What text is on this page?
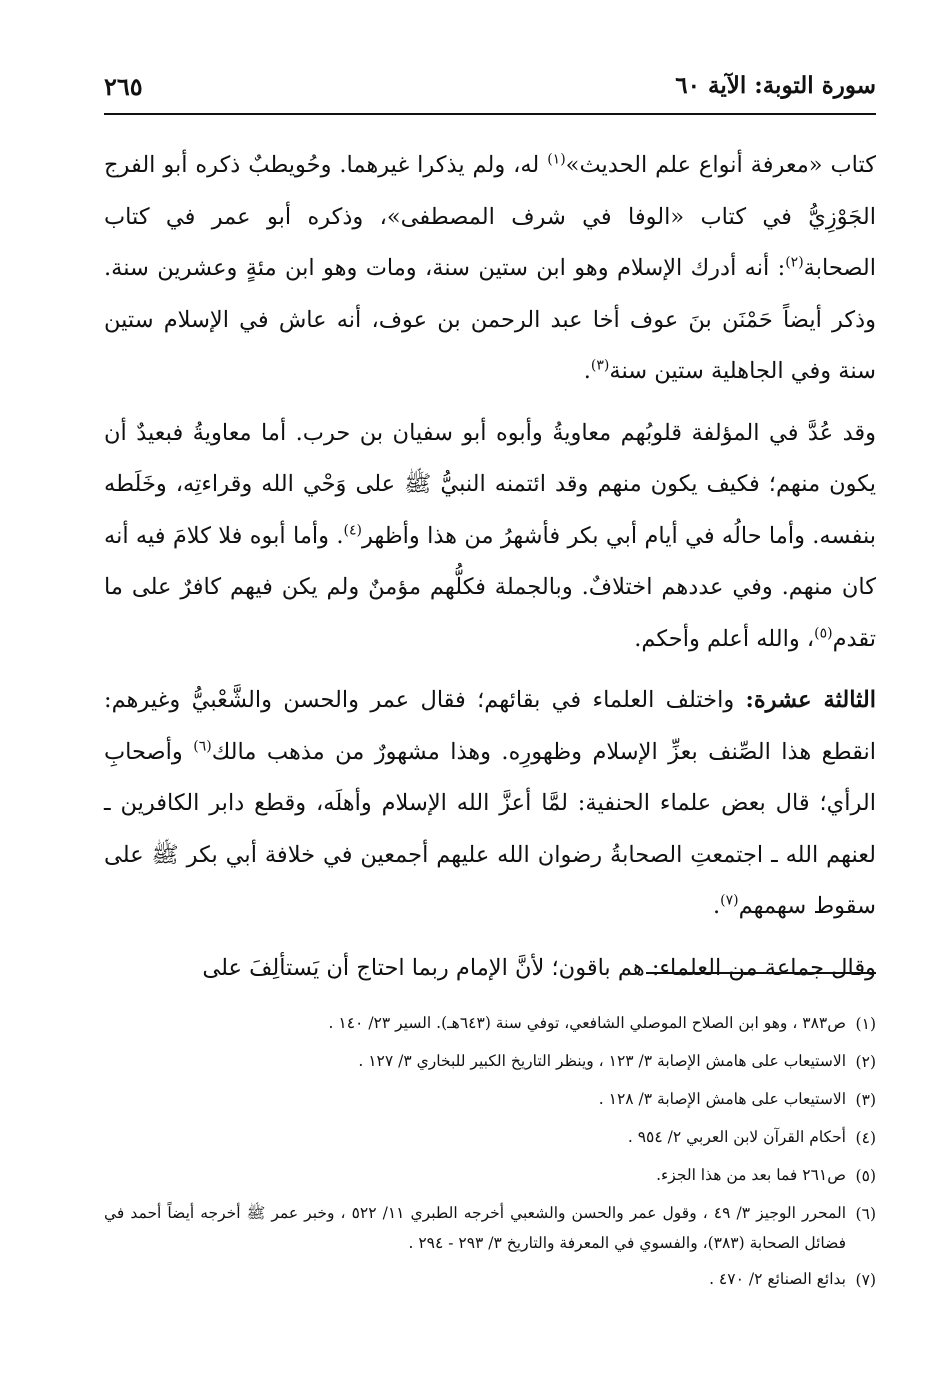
سورة التوبة: الآية ٦٠
٢٦٥

كتاب «معرفة أنواع علم الحديث»$^{(١)}$ له، ولم يذكرا غيرهما. وحُويطبٌ ذكره أبو الفرج الجَوْزِيُّ في كتاب «الوفا في شرف المصطفى»، وذكره أبو عمر في كتاب الصحابة$^{(٢)}$: أنه أدرك الإسلام وهو ابن ستين سنة، ومات وهو ابن مئةٍ وعشرين سنة. وذكر أيضاً حَمْنَن بنَ عوف أخا عبد الرحمن بن عوف، أنه عاش في الإسلام ستين سنة وفي الجاهلية ستين سنة$^{(٣)}$.

وقد عُدَّ في المؤلفة قلوبُهم معاويةُ وأبوه أبو سفيان بن حرب. أما معاويةُ فبعيدٌ أن يكون منهم؛ فكيف يكون منهم وقد ائتمنه النبيُّ ﷺ على وَحْي الله وقراءتِه، وخَلَطه بنفسه. وأما حالُه في أيام أبي بكر فأشهرُ من هذا وأظهر$^{(٤)}$. وأما أبوه فلا كلامَ فيه أنه كان منهم. وفي عددهم اختلافٌ. وبالجملة فكلُّهم مؤمنٌ ولم يكن فيهم كافرٌ على ما تقدم$^{(٥)}$، والله أعلم وأحكم.

الثالثة عشرة: واختلف العلماء في بقائهم؛ فقال عمر والحسن والشَّعْبيُّ وغيرهم: انقطع هذا الصِّنف بعزِّ الإسلام وظهورِه. وهذا مشهورٌ من مذهب مالك$^{(٦)}$ وأصحابِ الرأي؛ قال بعض علماء الحنفية: لمَّا أعزَّ الله الإسلام وأهلَه، وقطع دابر الكافرين ـ لعنهم الله ـ اجتمعتِ الصحابةُ رضوان الله عليهم أجمعين في خلافة أبي بكر ﷺ على سقوط سهمهم$^{(٧)}$.

وقال جماعة من العلماء: هم باقون؛ لأنَّ الإمام ربما احتاج أن يَستألِفَ على

(١)
ص٣٨٣ ، وهو ابن الصلاح الموصلي الشافعي، توفي سنة (٦٤٣هـ). السير ٢٣/ ١٤٠ .
(٢)
الاستيعاب على هامش الإصابة ٣/ ١٢٣ ، وينظر التاريخ الكبير للبخاري ٣/ ١٢٧ .
(٣)
الاستيعاب على هامش الإصابة ٣/ ١٢٨ .
(٤)
أحكام القرآن لابن العربي ٢/ ٩٥٤ .
(٥)
ص٢٦١ فما بعد من هذا الجزء.
(٦)
المحرر الوجيز ٣/ ٤٩ ، وقول عمر والحسن والشعبي أخرجه الطبري ١١/ ٥٢٢ ، وخبر عمر ﷺ أخرجه أيضاً أحمد في فضائل الصحابة (٣٨٣)، والفسوي في المعرفة والتاريخ ٣/ ٢٩٣ - ٢٩٤ .
(٧)
بدائع الصنائع ٢/ ٤٧٠ .
